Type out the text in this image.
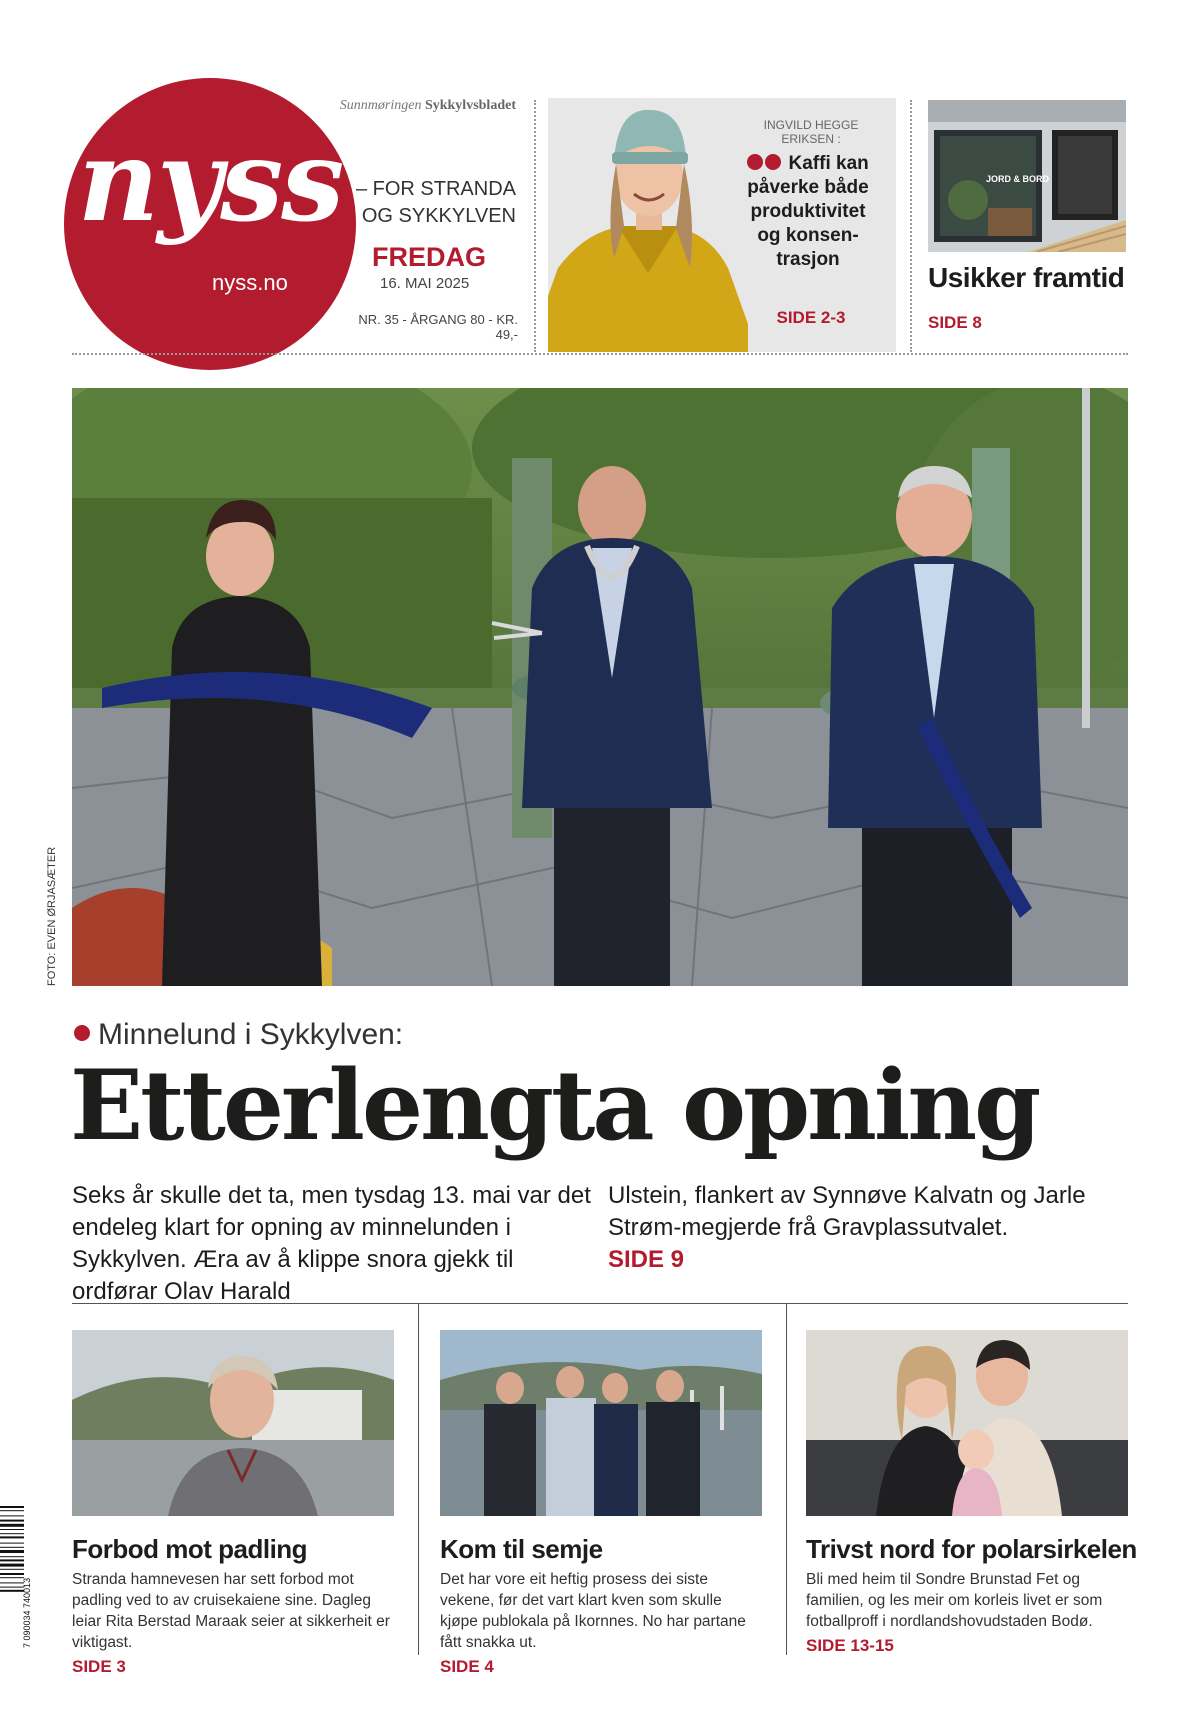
nyss
nyss.no
Sunnmøringen Sykkylvsbladet
– FOR STRANDA
OG SYKKYLVEN
FREDAG
16. MAI 2025
NR. 35 - ÅRGANG 80 - KR. 49,-
INGVILD HEGGE ERIKSEN :
Kaffi kan
påverke både
produktivitet
og konsen-
trasjon
SIDE 2-3
JORD & BORD
Usikker framtid
SIDE 8
FOTO: EVEN ØRJASÆTER
Minnelund i Sykkylven:
Etterlengta opning
Seks år skulle det ta, men tysdag 13. mai var det endeleg klart for opning av minnelunden i Sykkylven. Æra av å klippe snora gjekk til ordførar Olav Harald
Ulstein, flankert av Synnøve Kalvatn og Jarle Strøm-megjerde frå Gravplassutvalet.
SIDE 9
Forbod mot padling
Stranda hamnevesen har sett forbod mot padling ved to av cruisekaiene sine. Dagleg leiar Rita Berstad Maraak seier at sikkerheit er viktigast.
SIDE 3
Kom til semje
Det har vore eit heftig prosess dei siste vekene, før det vart klart kven som skulle kjøpe publokala på Ikornnes. No har partane fått snakka ut.
SIDE 4
Trivst nord for polarsirkelen
Bli med heim til Sondre Brunstad Fet og familien, og les meir om korleis livet er som fotballproff i nordlandshovudstaden Bodø.
SIDE 13-15
7 090034 740013
